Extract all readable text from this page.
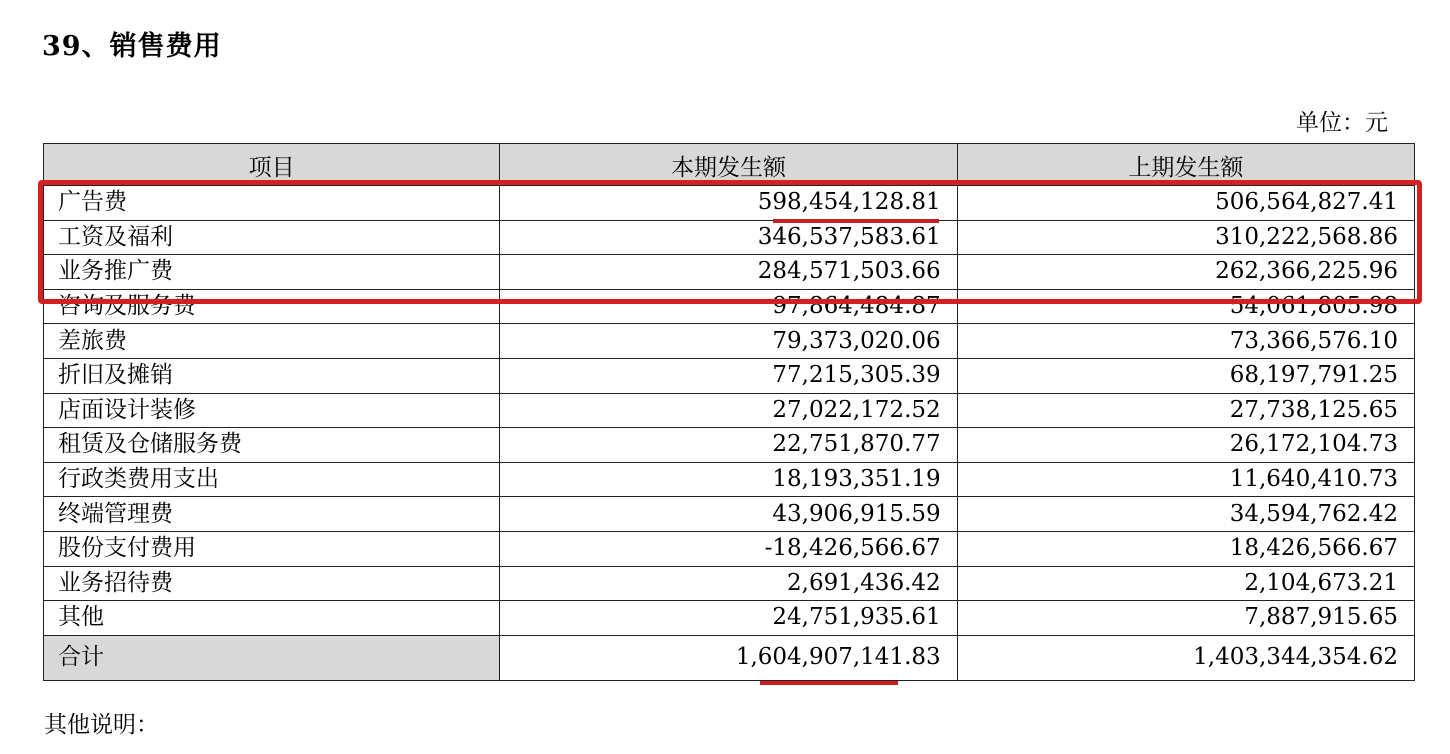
39、销售费用
单位：元
项目	本期发生额	上期发生额
广告费	598,454,128.81	506,564,827.41
工资及福利	346,537,583.61	310,222,568.86
业务推广费	284,571,503.66	262,366,225.96
咨询及服务费	97,864,484.87	54,061,805.98
差旅费	79,373,020.06	73,366,576.10
折旧及摊销	77,215,305.39	68,197,791.25
店面设计装修	27,022,172.52	27,738,125.65
租赁及仓储服务费	22,751,870.77	26,172,104.73
行政类费用支出	18,193,351.19	11,640,410.73
终端管理费	43,906,915.59	34,594,762.42
股份支付费用	-18,426,566.67	18,426,566.67
业务招待费	2,691,436.42	2,104,673.21
其他	24,751,935.61	7,887,915.65
合计	1,604,907,141.83	1,403,344,354.62
其他说明：
